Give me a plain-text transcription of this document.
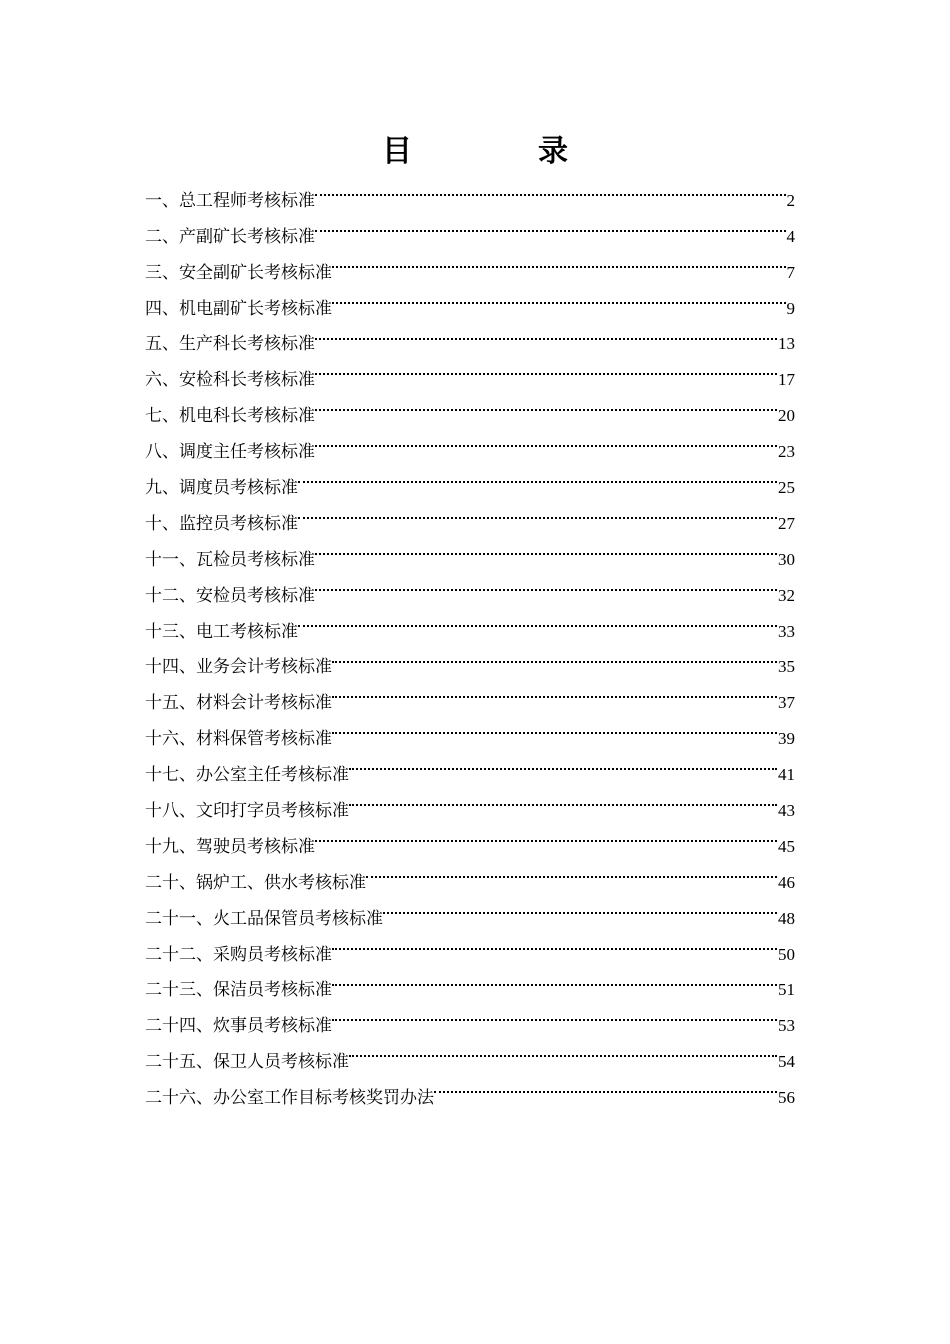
目　录
一、总工程师考核标准	2
二、产副矿长考核标准	4
三、安全副矿长考核标准	7
四、机电副矿长考核标准	9
五、生产科长考核标准	13
六、安检科长考核标准	17
七、机电科长考核标准	20
八、调度主任考核标准	23
九、调度员考核标准	25
十、监控员考核标准	27
十一、瓦检员考核标准	30
十二、安检员考核标准	32
十三、电工考核标准	33
十四、业务会计考核标准	35
十五、材料会计考核标准	37
十六、材料保管考核标准	39
十七、办公室主任考核标准	41
十八、文印打字员考核标准	43
十九、驾驶员考核标准	45
二十、锅炉工、供水考核标准	46
二十一、火工品保管员考核标准	48
二十二、采购员考核标准	50
二十三、保洁员考核标准	51
二十四、炊事员考核标准	53
二十五、保卫人员考核标准	54
二十六、办公室工作目标考核奖罚办法	56
